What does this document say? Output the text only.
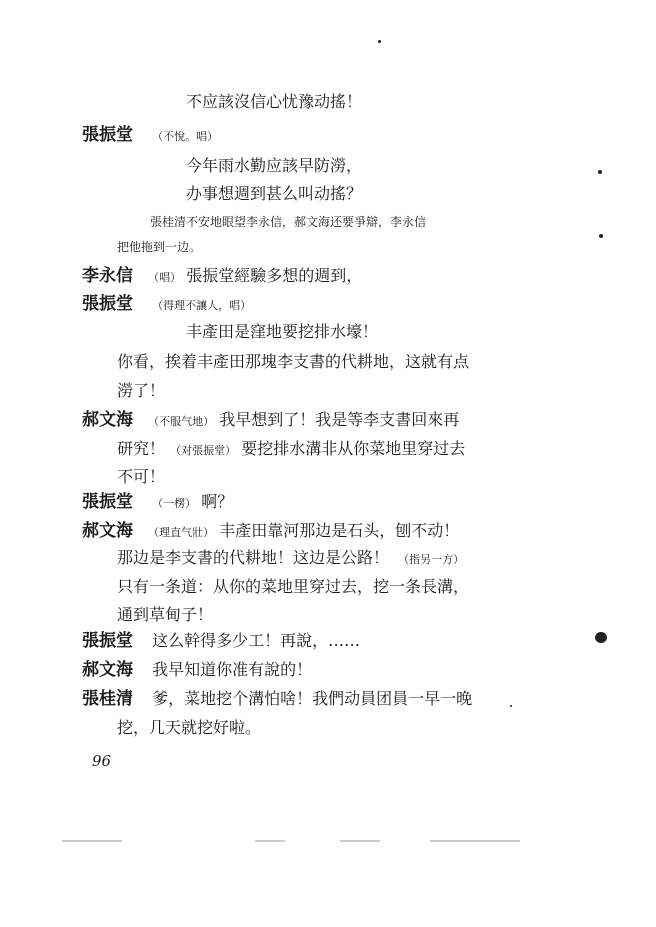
不应該沒信心忧豫动搖！
張振堂 （不悅。唱）
今年雨水勤应該早防澇，
办事想週到甚么叫动搖？
張桂清不安地眼望李永信，郝文海还要爭辯，李永信
把他拖到一边。
李永信 （唱） 張振堂經驗多想的週到，
張振堂 （得理不讓人，唱）
丰產田是窪地要挖排水壕！
你看，挨着丰產田那塊李支書的代耕地，这就有点
澇了！
郝文海 （不服气地） 我早想到了！我是等李支書回來再
研究！ （对張振堂） 要挖排水溝非从你菜地里穿过去
不可！
張振堂 （一楞） 啊？
郝文海 （理直气壯） 丰產田靠河那边是石头，刨不动！
那边是李支書的代耕地！这边是公路！ （指另一方）
只有一条道：从你的菜地里穿过去，挖一条長溝，
通到草甸子！
張振堂 这么幹得多少工！再說，……
郝文海 我早知道你准有說的！
張桂清 爹，菜地挖个溝怕啥！我們动員团員一早一晚
挖，几天就挖好啦。
96
